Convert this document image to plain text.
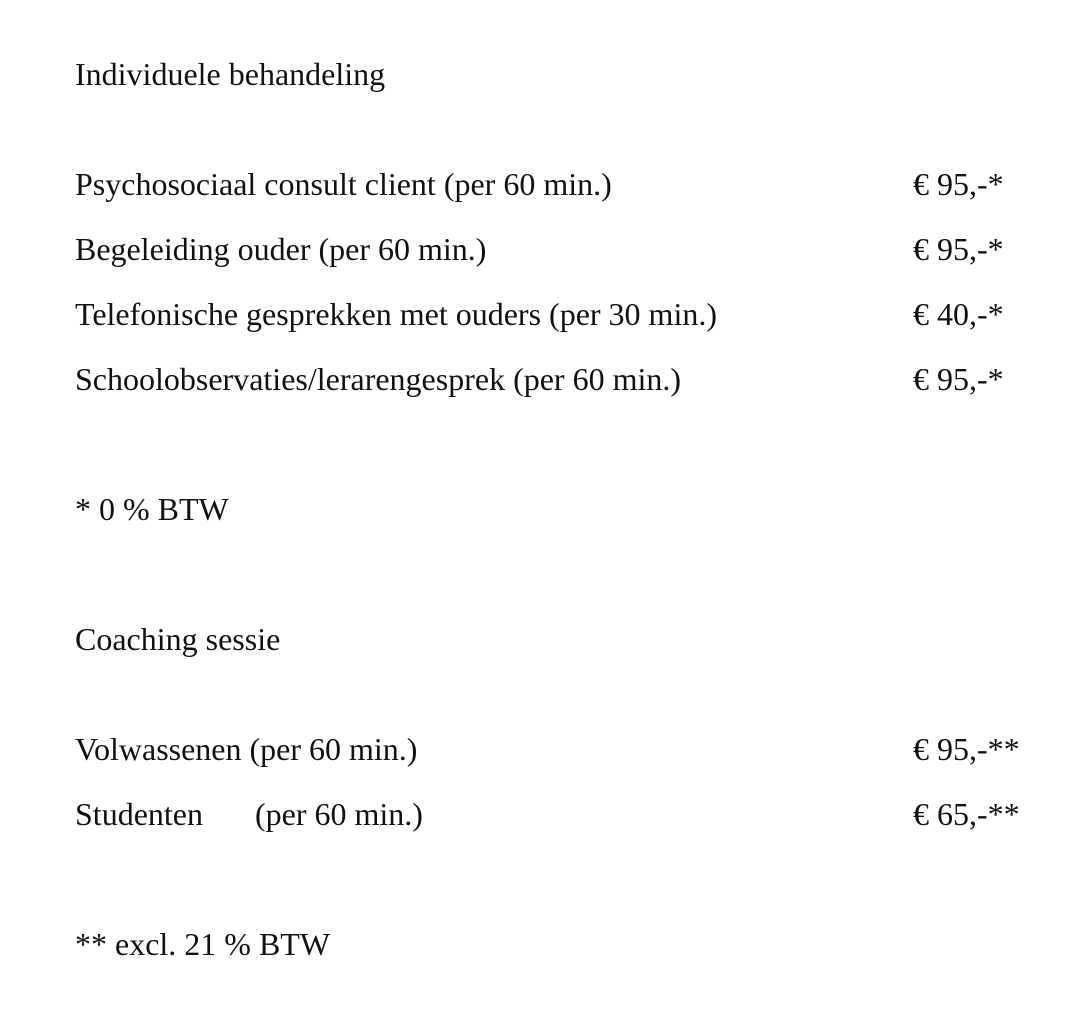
Individuele behandeling
Psychosociaal consult client (per 60 min.)	€ 95,-*
Begeleiding ouder (per 60 min.)	€ 95,-*
Telefonische gesprekken met ouders (per 30 min.)	€ 40,-*
Schoolobservaties/lerarengesprek (per 60 min.)	€ 95,-*
* 0 % BTW
Coaching sessie
Volwassenen (per 60 min.)	€ 95,-**
Studenten (per 60 min.)	€ 65,-**
** excl. 21 % BTW
